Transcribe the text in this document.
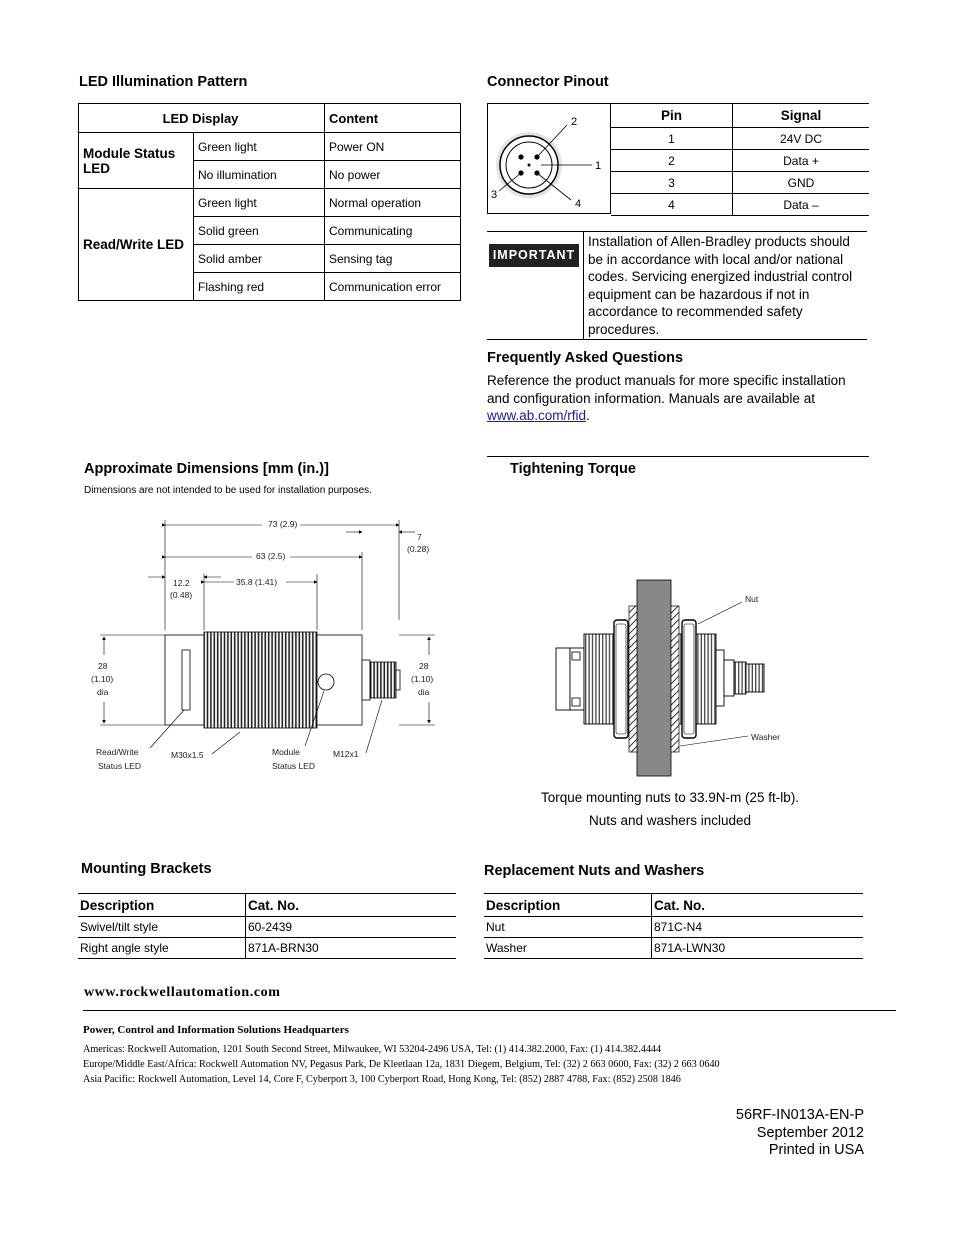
LED Illumination Pattern
LED Display		Content
Module Status LED	Green light	Power ON
	No illumination	No power
Read/Write LED	Green light	Normal operation
	Solid green	Communicating
	Solid amber	Sensing tag
	Flashing red	Communication error
Connector Pinout
2
1
3
4
Pin	Signal
1	24V DC
2	Data +
3	GND
4	Data –
IMPORTANT
Installation of Allen-Bradley products should be in accordance with local and/or national codes. Servicing energized industrial control equipment can be hazardous if not in accordance to recommended safety procedures.
Frequently Asked Questions
Reference the product manuals for more specific installation and configuration information. Manuals are available at www.ab.com/rfid.
Approximate Dimensions [mm (in.)]
Dimensions are not intended to be used for installation purposes.
73 (2.9)
63 (2.5)
7
(0.28)
12.2
(0.48)
35.8 (1.41)
28
(1.10)
dia
28
(1.10)
dia
Read/Write
Status LED
M30x1.5	Module
Status LED
M12x1
Tightening Torque
Nut
Washer
Torque mounting nuts to 33.9N-m (25 ft-lb).
Nuts and washers included
Mounting Brackets
Description	Cat. No.
Swivel/tilt style	60-2439
Right angle style	871A-BRN30
Replacement Nuts and Washers
Description	Cat. No.
Nut	871C-N4
Washer	871A-LWN30
www.rockwellautomation.com
Power, Control and Information Solutions Headquarters
Americas: Rockwell Automation, 1201 South Second Street, Milwaukee, WI 53204-2496 USA, Tel: (1) 414.382.2000, Fax: (1) 414.382.4444
Europe/Middle East/Africa: Rockwell Automation NV, Pegasus Park, De Kleetlaan 12a, 1831 Diegem, Belgium, Tel: (32) 2 663 0600, Fax: (32) 2 663 0640
Asia Pacific: Rockwell Automation, Level 14, Core F, Cyberport 3, 100 Cyberport Road, Hong Kong, Tel: (852) 2887 4788, Fax: (852) 2508 1846
56RF-IN013A-EN-P
September 2012
Printed in USA
